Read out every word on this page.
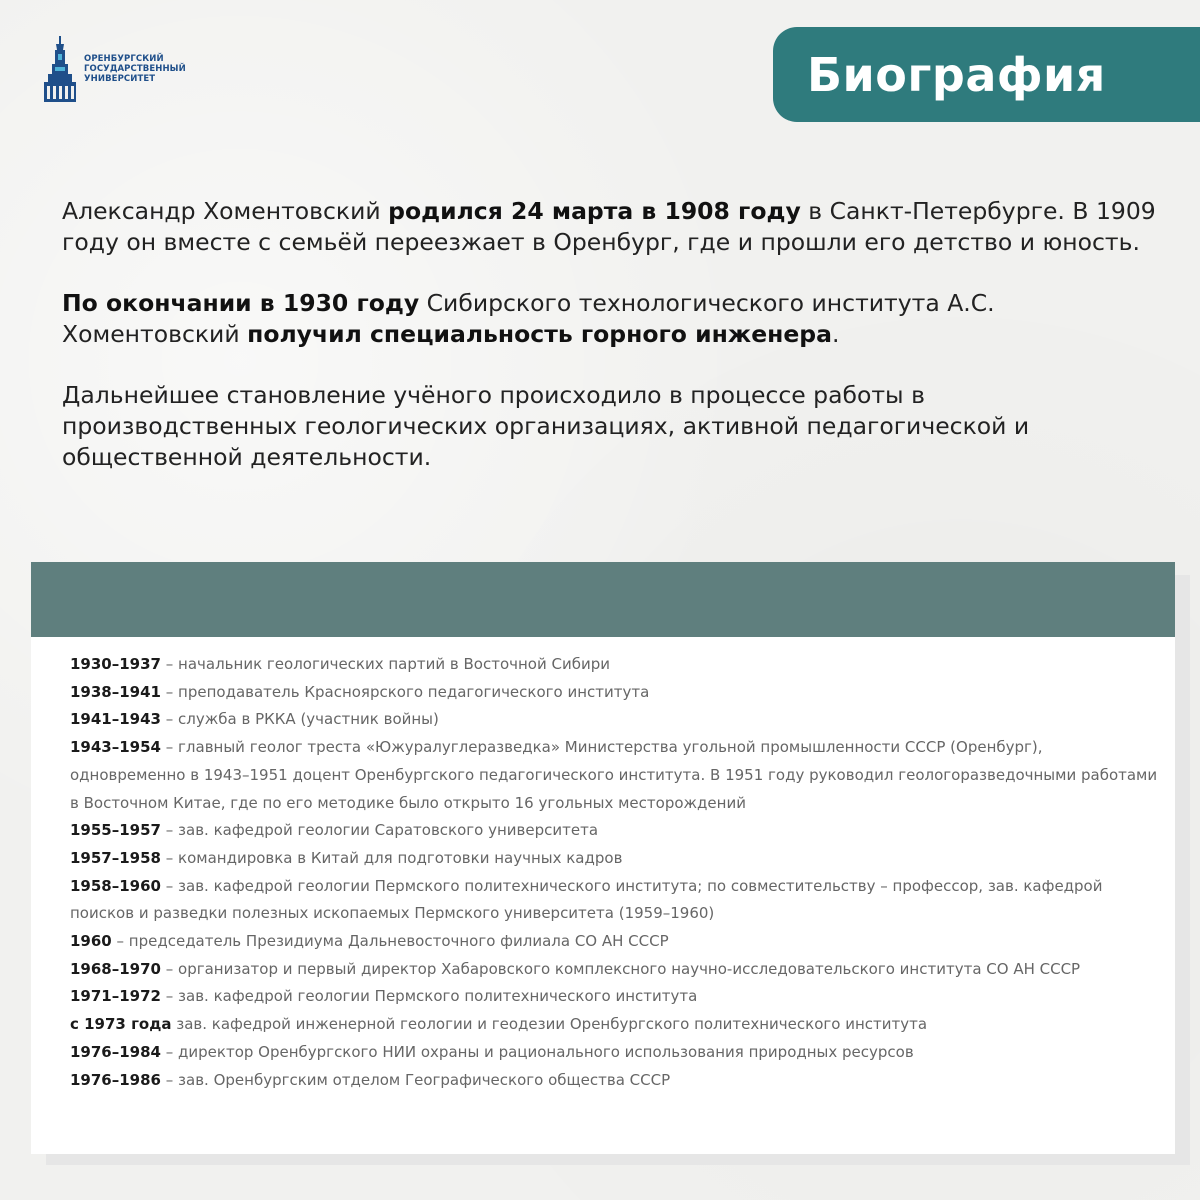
ОРЕНБУРГСКИЙ
ГОСУДАРСТВЕННЫЙ
УНИВЕРСИТЕТ	Биография

Александр Хоментовский родился 24 марта в 1908 году в Санкт-Петербурге. В 1909 году он вместе с семьёй переезжает в Оренбург, где и прошли его детство и юность.

По окончании в 1930 году Сибирского технологического института А.С. Хоментовский получил специальность горного инженера.

Дальнейшее становление учёного происходило в процессе работы в производственных геологических организациях, активной педагогической и общественной деятельности.

1930–1937 – начальник геологических партий в Восточной Сибири

1938–1941 – преподаватель Красноярского педагогического института

1941–1943 – служба в РККА (участник войны)

1943–1954 – главный геолог треста «Южуралуглеразведка» Министерства угольной промышленности СССР (Оренбург), одновременно в 1943–1951 доцент Оренбургского педагогического института. В 1951 году руководил геологоразведочными работами в Восточном Китае, где по его методике было открыто 16 угольных месторождений

1955–1957 – зав. кафедрой геологии Саратовского университета

1957–1958 – командировка в Китай для подготовки научных кадров

1958–1960 – зав. кафедрой геологии Пермского политехнического института; по совместительству – профессор, зав. кафедрой поисков и разведки полезных ископаемых Пермского университета (1959–1960)

1960 – председатель Президиума Дальневосточного филиала СО АН СССР

1968–1970 – организатор и первый директор Хабаровского комплексного научно-исследовательского института СО АН СССР

1971–1972 – зав. кафедрой геологии Пермского политехнического института

с 1973 года зав. кафедрой инженерной геологии и геодезии Оренбургского политехнического института

1976–1984 – директор Оренбургского НИИ охраны и рационального использования природных ресурсов

1976–1986 – зав. Оренбургским отделом Географического общества СССР
